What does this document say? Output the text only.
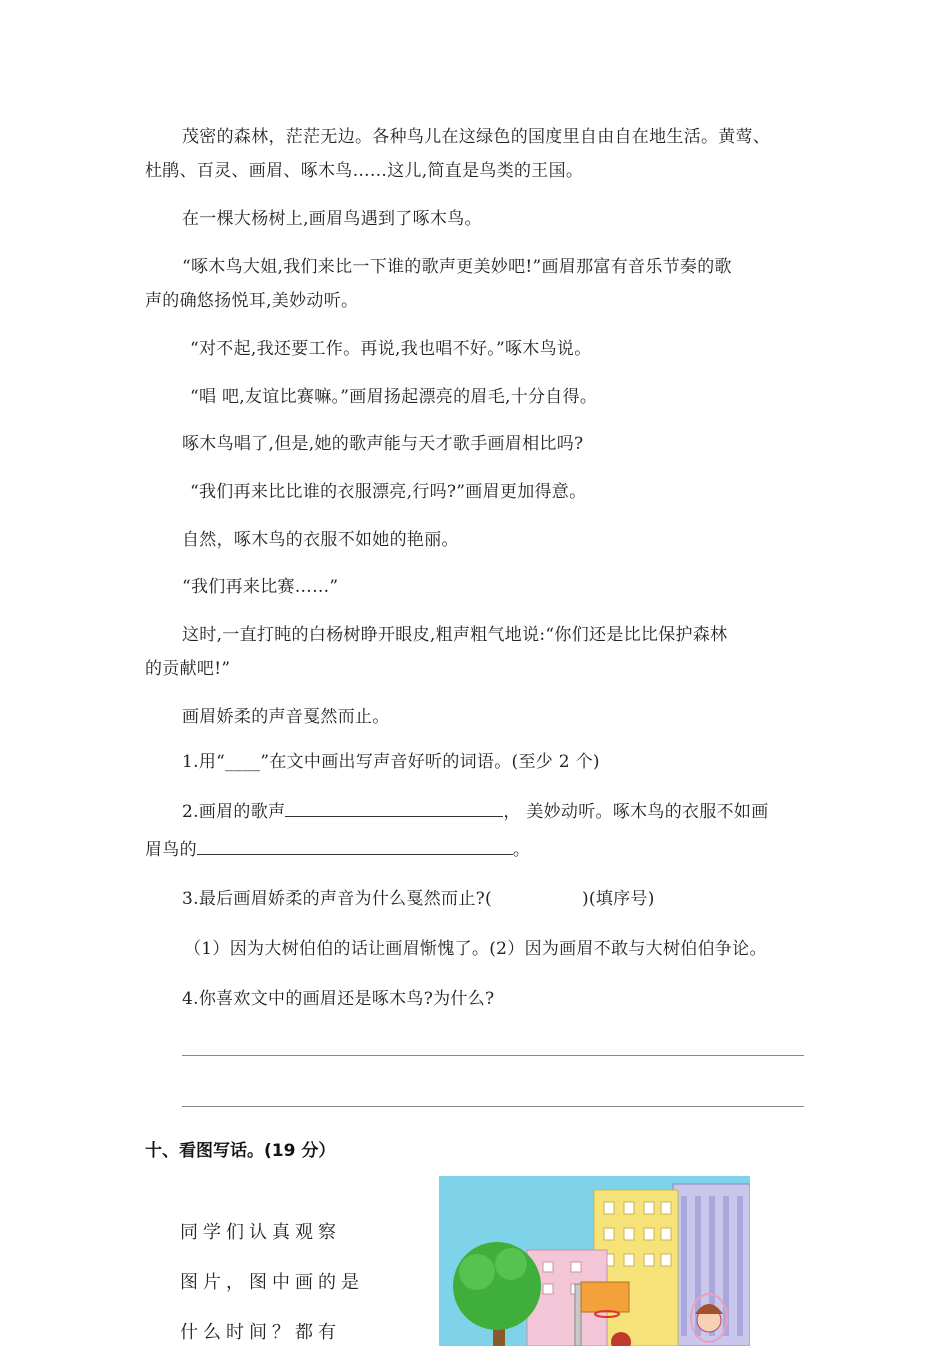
茂密的森林，茫茫无边。各种鸟儿在这绿色的国度里自由自在地生活。黄莺、
杜鹃、百灵、画眉、啄木鸟……这儿,简直是鸟类的王国。
在一棵大杨树上,画眉鸟遇到了啄木鸟。
“啄木鸟大姐,我们来比一下谁的歌声更美妙吧!”画眉那富有音乐节奏的歌
声的确悠扬悦耳,美妙动听。
“对不起,我还要工作。再说,我也唱不好。”啄木鸟说。
“唱 吧,友谊比赛嘛。”画眉扬起漂亮的眉毛,十分自得。
啄木鸟唱了,但是,她的歌声能与天才歌手画眉相比吗?
“我们再来比比谁的衣服漂亮,行吗?”画眉更加得意。
自然，啄木鸟的衣服不如她的艳丽。
“我们再来比赛……”
这时,一直打盹的白杨树睁开眼皮,粗声粗气地说:“你们还是比比保护森林
的贡献吧!”
画眉娇柔的声音戛然而止。
1.用“____”在文中画出写声音好听的词语。(至少 2 个)
2.画眉的歌声	， 美妙动听。啄木鸟的衣服不如画
眉鸟的	。
3.最后画眉娇柔的声音为什么戛然而止?(	)(填序号)
（1）因为大树伯伯的话让画眉惭愧了。(2）因为画眉不敢与大树伯伯争论。
4.你喜欢文中的画眉还是啄木鸟?为什么?
十、看图写话。(19 分）
同学们认真观察
图片，图中画的是
什么时间？都有
